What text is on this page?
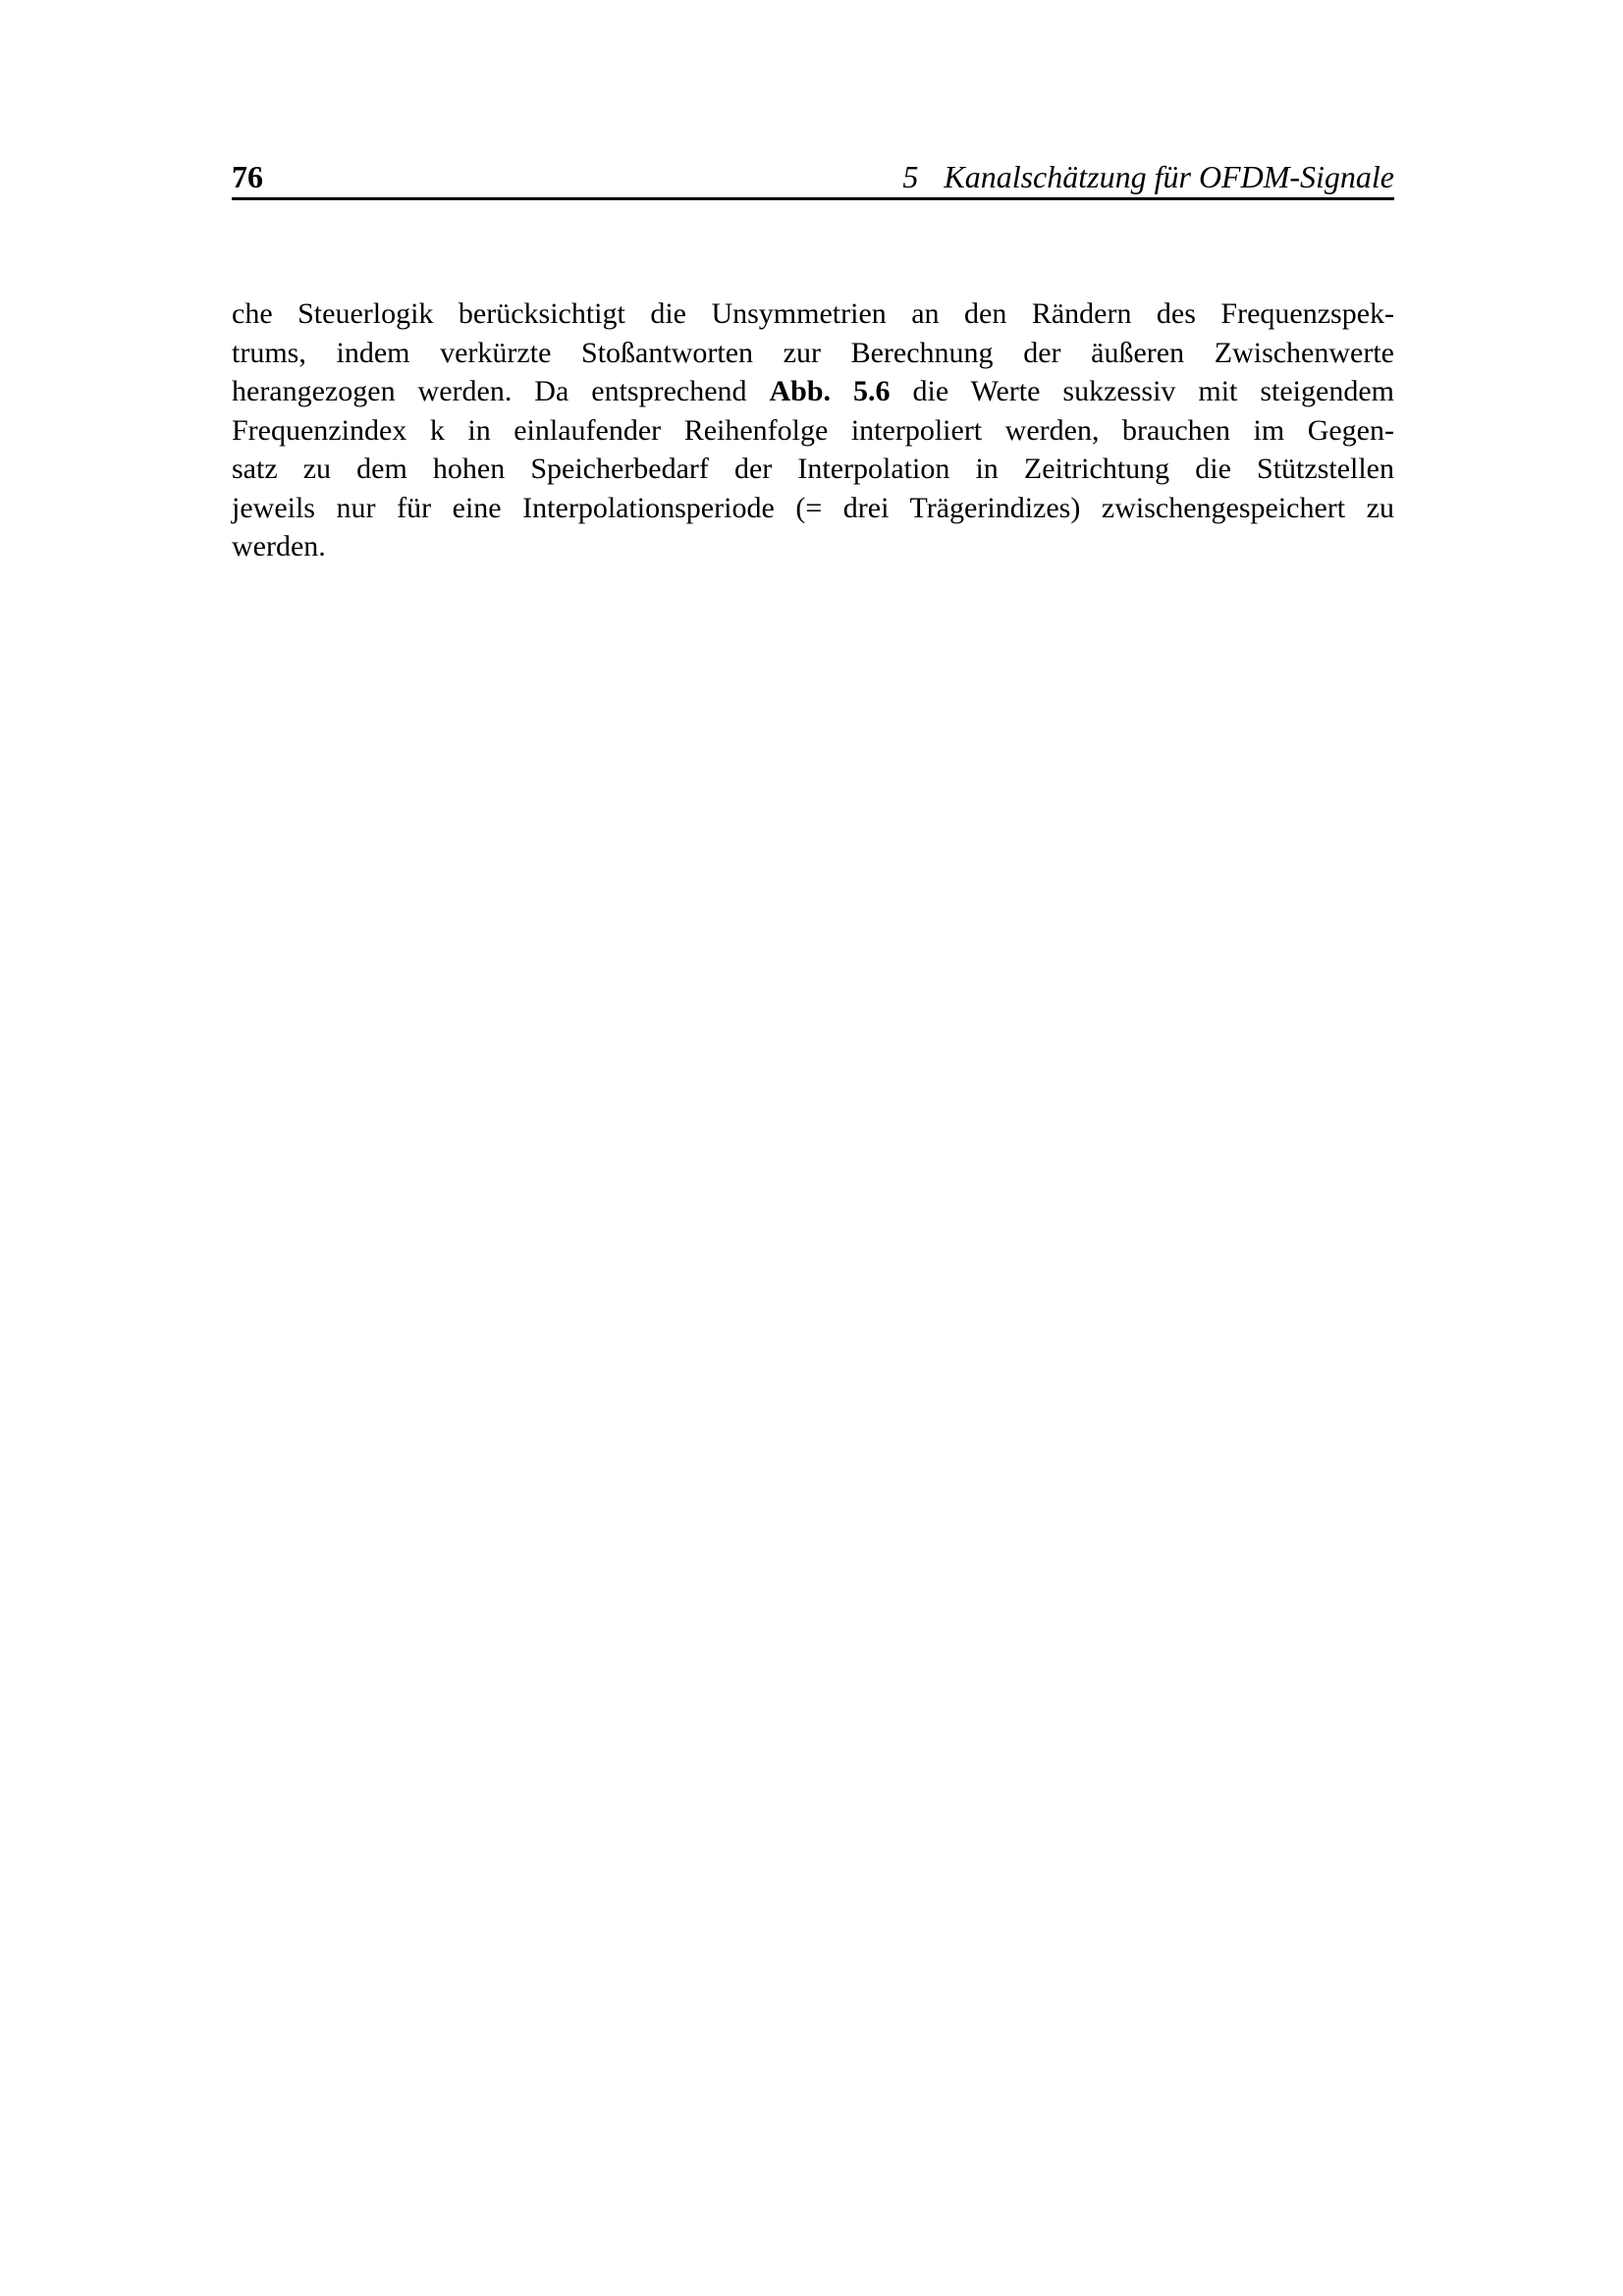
76	5 Kanalschätzung für OFDM-Signale
che Steuerlogik berücksichtigt die Unsymmetrien an den Rändern des Frequenzspek-
trums, indem verkürzte Stoßantworten zur Berechnung der äußeren Zwischenwerte
herangezogen werden. Da entsprechend Abb. 5.6 die Werte sukzessiv mit steigendem
Frequenzindex k in einlaufender Reihenfolge interpoliert werden, brauchen im Gegen-
satz zu dem hohen Speicherbedarf der Interpolation in Zeitrichtung die Stützstellen
jeweils nur für eine Interpolationsperiode (= drei Trägerindizes) zwischengespeichert zu
werden.
